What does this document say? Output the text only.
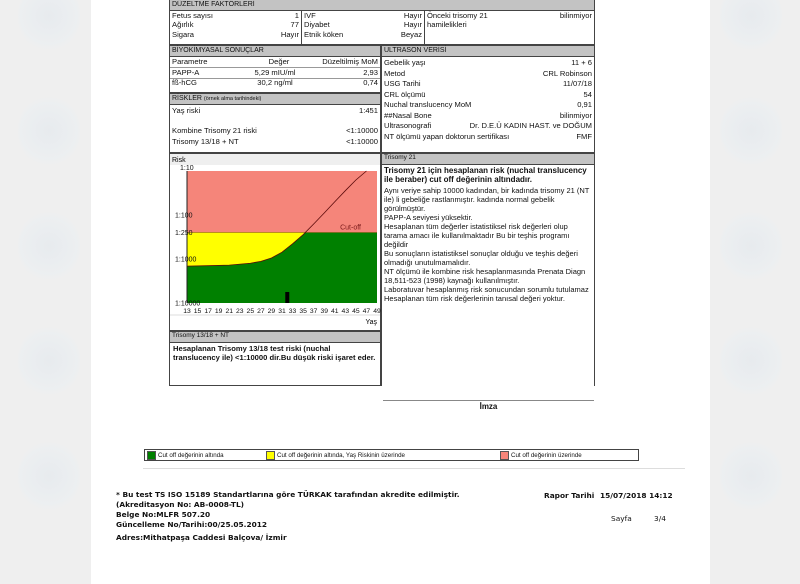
DÜZELTME FAKTÖRLERİ
Fetus sayısı	1
Ağırlık	77
Sigara	Hayır
IVF	Hayır
Diyabet	Hayır
Etnik köken	Beyaz
Önceki trisomy 21	bilinmiyor
hamilelikleri
BİYOKİMYASAL SONUÇLAR
Parametre	Değer	Düzeltilmiş MoM
PAPP-A	5,29 mIU/ml	2,93
fß-hCG	30,2 ng/ml	0,74
RİSKLER (örnek alma tarihindeki)
Yaş riski	1:451
Kombine Trisomy 21 riski	<1:10000
Trisomy 13/18 + NT	<1:10000
ULTRASON VERİSİ
Gebelik yaşı	11 + 6
Metod	CRL Robinson
USG Tarihi	11/07/18
CRL ölçümü	54
Nuchal translucency MoM	0,91
##Nasal Bone	bilinmiyor
Ultrasonografi	Dr. D.E.Ü KADIN HAST. ve DOĞUM
NT ölçümü yapan doktorun sertifikası	FMF
1:10
1:100
1:250
1:1000
1:10000
13 15 17 19 21 23 25 27 29 31 33 35 37 39 41 43 45 47 49
Risk
Yaş
Cut-off
Trisomy 13/18 + NT
Hesaplanan Trisomy 13/18 test riski (nuchal translucency ile) <1:10000 dir.Bu düşük riski işaret eder.
Trisomy 21
Trisomy 21 için hesaplanan risk (nuchal translucency ile beraber) cut off değerinin altındadır.
Aynı veriye sahip 10000 kadından, bir kadında trisomy 21 (NT ile) li gebeliğe rastlanmıştır. kadında normal gebelik görülmüştür.
PAPP-A seviyesi yüksektir.
Hesaplanan tüm değerler istatistiksel risk değerleri olup tarama amacı ile kullanılmaktadır Bu bir teşhis programı değildir
Bu sonuçların istatistiksel sonuçlar olduğu ve teşhis değeri olmadığı unutulmamalıdır.
NT ölçümü ile kombine risk hesaplanmasında Prenata Diagn 18,511-523 (1998) kaynağı kullanılmıştır.
Laboratuvar hesaplanmış risk sonucundan sorumlu tutulamaz Hesaplanan tüm risk değerlerinin tanısal değeri yoktur.
İmza
Cut off değerinin altında	Cut off değerinin altında, Yaş Riskinin üzerinde	Cut off değerinin üzerinde
* Bu test TS ISO 15189 Standartlarına göre TÜRKAK tarafından akredite edilmiştir.
(Akreditasyon No: AB-0008-TL)
Belge No:MLFR 507.20
Güncelleme No/Tarihi:00/25.05.2012
Adres:Mithatpaşa Caddesi Balçova/ İzmir
Rapor Tarihi 15/07/2018 14:12
Sayfa	3/4
